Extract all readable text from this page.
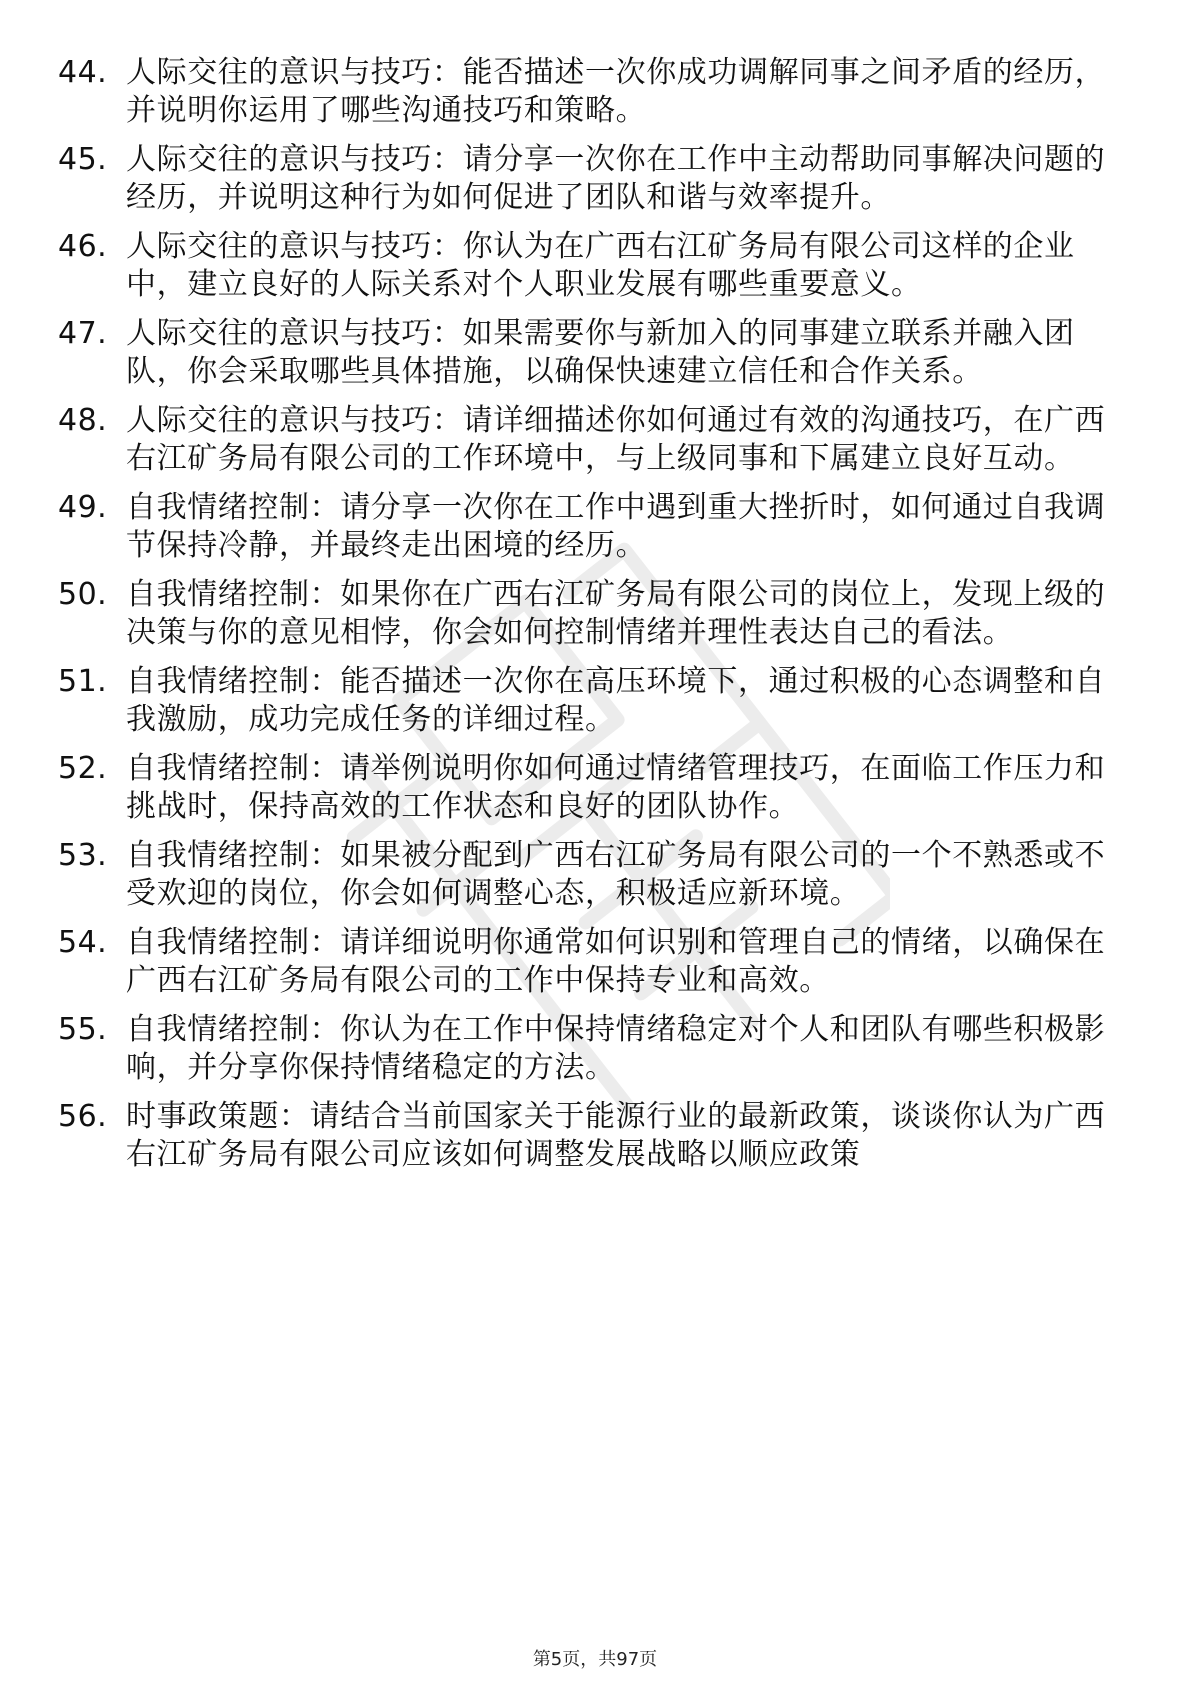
44. 人际交往的意识与技巧：能否描述一次你成功调解同事之间矛盾的经历，并说明你运用了哪些沟通技巧和策略。
45. 人际交往的意识与技巧：请分享一次你在工作中主动帮助同事解决问题的经历，并说明这种行为如何促进了团队和谐与效率提升。
46. 人际交往的意识与技巧：你认为在广西右江矿务局有限公司这样的企业中，建立良好的人际关系对个人职业发展有哪些重要意义。
47. 人际交往的意识与技巧：如果需要你与新加入的同事建立联系并融入团队，你会采取哪些具体措施，以确保快速建立信任和合作关系。
48. 人际交往的意识与技巧：请详细描述你如何通过有效的沟通技巧，在广西右江矿务局有限公司的工作环境中，与上级同事和下属建立良好互动。
49. 自我情绪控制：请分享一次你在工作中遇到重大挫折时，如何通过自我调节保持冷静，并最终走出困境的经历。
50. 自我情绪控制：如果你在广西右江矿务局有限公司的岗位上，发现上级的决策与你的意见相悖，你会如何控制情绪并理性表达自己的看法。
51. 自我情绪控制：能否描述一次你在高压环境下，通过积极的心态调整和自我激励，成功完成任务的详细过程。
52. 自我情绪控制：请举例说明你如何通过情绪管理技巧，在面临工作压力和挑战时，保持高效的工作状态和良好的团队协作。
53. 自我情绪控制：如果被分配到广西右江矿务局有限公司的一个不熟悉或不受欢迎的岗位，你会如何调整心态，积极适应新环境。
54. 自我情绪控制：请详细说明你通常如何识别和管理自己的情绪，以确保在广西右江矿务局有限公司的工作中保持专业和高效。
55. 自我情绪控制：你认为在工作中保持情绪稳定对个人和团队有哪些积极影响，并分享你保持情绪稳定的方法。
56. 时事政策题：请结合当前国家关于能源行业的最新政策，谈谈你认为广西右江矿务局有限公司应该如何调整发展战略以顺应政策
第5页，共97页
